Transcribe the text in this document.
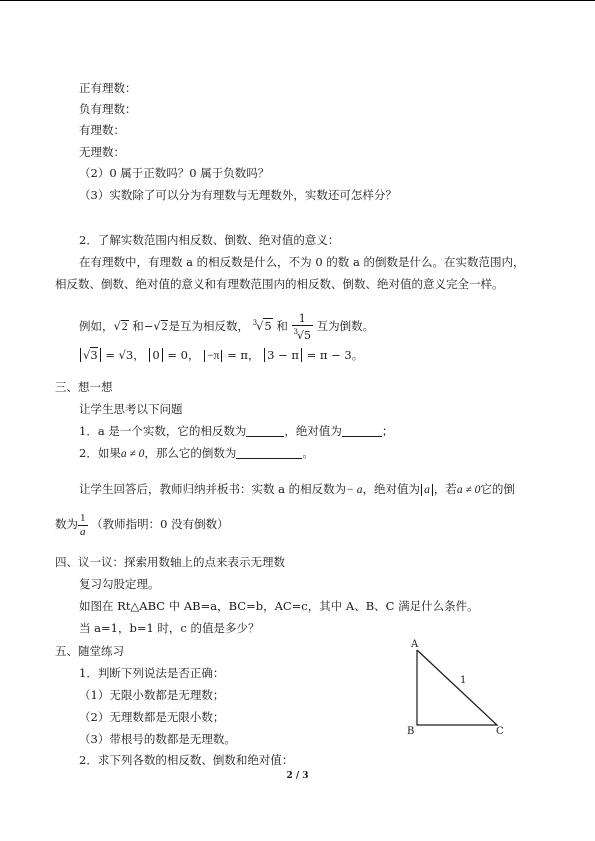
正有理数：
负有理数：
有理数：
无理数：
（2）0 属于正数吗？0 属于负数吗？
（3）实数除了可以分为有理数与无理数外，实数还可怎样分？
2．了解实数范围内相反数、倒数、绝对值的意义：
在有理数中，有理数 a 的相反数是什么，不为 0 的数 a 的倒数是什么。在实数范围内，
相反数、倒数、绝对值的意义和有理数范围内的相反数、倒数、绝对值的意义完全一样。
例如，√2 和−√2是互为相反数， $^3$√5 和 $\frac{1}{^3√5}$ 互为倒数。
√3 = √3， 0 = 0， −π = π， 3 − π = π − 3。
三、想一想
让学生思考以下问题
1．a 是一个实数，它的相反数为	，绝对值为	；
2．如果a ≠ 0，那么它的倒数为	。
让学生回答后，教师归纳并板书：实数 a 的相反数为− a，绝对值为 a ，若a ≠ 0它的倒
数为 $\frac{1}{a}$ （教师指明：0 没有倒数）
四、议一议：探索用数轴上的点来表示无理数
复习勾股定理。
如图在 Rt△ABC 中 AB=a，BC=b，AC=c，其中 A、B、C 满足什么条件。
当 a=1，b=1 时，c 的值是多少？
五、随堂练习
1．判断下列说法是否正确：
（1）无限小数都是无理数；
（2）无理数都是无限小数；
（3）带根号的数都是无理数。
2．求下列各数的相反数、倒数和绝对值：
A
B	C
1
2 / 3
